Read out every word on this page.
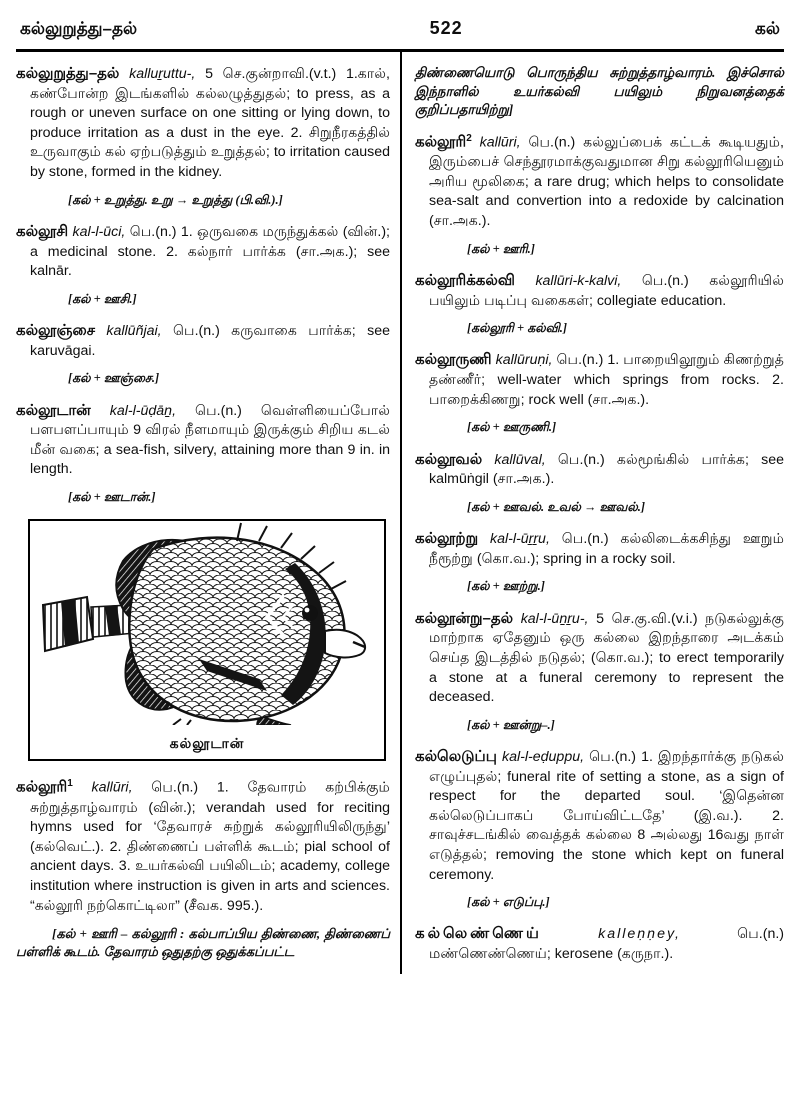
கல்லுறுத்து–தல்	522	கல்

கல்லுறுத்து–தல் kalluṟuttu-, 5 செ.குன்றாவி.(v.t.) 1.கால், கண்போன்ற இடங்களில் கல்லழுத்துதல்; to press, as a rough or uneven surface on one sitting or lying down, to produce irritation as a dust in the eye. 2. சிறுநீரகத்தில் உருவாகும் கல் ஏற்படுத்தும் உறுத்தல்; to irritation caused by stone, formed in the kidney.

[கல் + உறுத்து. உறு → உறுத்து (பி.வி.).]

கல்லூசி kal-l-ūci, பெ.(n.) 1. ஒருவகை மருந்துக்கல் (வின்.); a medicinal stone. 2. கல்நார் பார்க்க (சா.அக.); see kalnār.

[கல் + ஊசி.]

கல்லூஞ்சை kallūñjai, பெ.(n.) கருவாகை பார்க்க; see karuvāgai.

[கல் + ஊஞ்சை.]

கல்லூடான் kal-l-ūḍāṉ, பெ.(n.) வெள்ளியைப்போல் பளபளப்பாயும் 9 விரல் நீளமாயும் இருக்கும் சிறிய கடல் மீன் வகை; a sea-fish, silvery, attaining more than 9 in. in length.

[கல் + ஊடான்.]

கல்லூடான்

கல்லூரி$^1$ kallūri, பெ.(n.) 1. தேவாரம் கற்பிக்கும் சுற்றுத்தாழ்வாரம் (வின்.); verandah used for reciting hymns used for ‘தேவாரச் சுற்றுக் கல்லூரியிலிருந்து’ (கல்வெட்.). 2. திண்ணைப் பள்ளிக் கூடம்; pial school of ancient days. 3. உயர்கல்வி பயிலிடம்; academy, college institution where instruction is given in arts and sciences. “கல்லூரி நற்கொட்டிலா” (சீவக. 995.).

[கல் + ஊரி – கல்லூரி : கல்பாப்பிய திண்ணை, திண்ணைப் பள்ளிக் கூடம். தேவாரம் ஒதுதற்கு ஒதுக்கப்பட்ட

திண்ணையொடு பொருந்திய சுற்றுத்தாழ்வாரம். இச்சொல் இந்நாளில் உயர்கல்வி பயிலும் நிறுவனத்தைக் குறிப்பதாயிற்று]

கல்லூரி$^2$ kallūri, பெ.(n.) கல்லுப்பைக் கட்டக் கூடியதும், இரும்பைச் செந்தூரமாக்குவதுமான சிறு கல்லூரியெனும் அரிய மூலிகை; a rare drug; which helps to consolidate sea-salt and convertion into a redoxide by calcination (சா.அக.).

[கல் + ஊரி.]

கல்லூரிக்கல்வி kallūri-k-kalvi, பெ.(n.) கல்லூரியில் பயிலும் படிப்பு வகைகள்; collegiate education.

[கல்லூரி + கல்வி.]

கல்லூருணி kallūruṇi, பெ.(n.) 1. பாறையிலூறும் கிணற்றுத் தண்ணீர்; well-water which springs from rocks. 2. பாறைக்கிணறு; rock well (சா.அக.).

[கல் + ஊருணி.]

கல்லூவல் kallūval, பெ.(n.) கல்மூங்கில் பார்க்க; see kalmūṅgil (சா.அக.).

[கல் + ஊவல். உவல் → ஊவல்.]

கல்லூற்று kal-l-ūṟṟu, பெ.(n.) கல்லிடைக்கசிந்து ஊறும் நீரூற்று (கொ.வ.); spring in a rocky soil.

[கல் + ஊற்று.]

கல்லூன்று–தல் kal-l-ūṉṟu-, 5 செ.கு.வி.(v.i.) நடுகல்லுக்கு மாற்றாக ஏதேனும் ஒரு கல்லை இறந்தாரை அடக்கம் செய்த இடத்தில் நடுதல்; (கொ.வ.); to erect temporarily a stone at a funeral ceremony to represent the deceased.

[கல் + ஊன்று–.]

கல்லெடுப்பு kal-l-eḍuppu, பெ.(n.) 1. இறந்தார்க்கு நடுகல் எழுப்புதல்; funeral rite of setting a stone, as a sign of respect for the departed soul. ‘இதென்ன கல்லெடுப்பாகப் போய்விட்டதே’ (இ.வ.). 2. சாவுச்சடங்கில் வைத்தக் கல்லை 8 அல்லது 16வது நாள் எடுத்தல்; removing the stone which kept on funeral ceremony.

[கல் + எடுப்பு.]

கல்லெண்ணெய்	kalleṇṇey,	பெ.(n.) மண்ணெண்ணெய்; kerosene (கருநா.).
